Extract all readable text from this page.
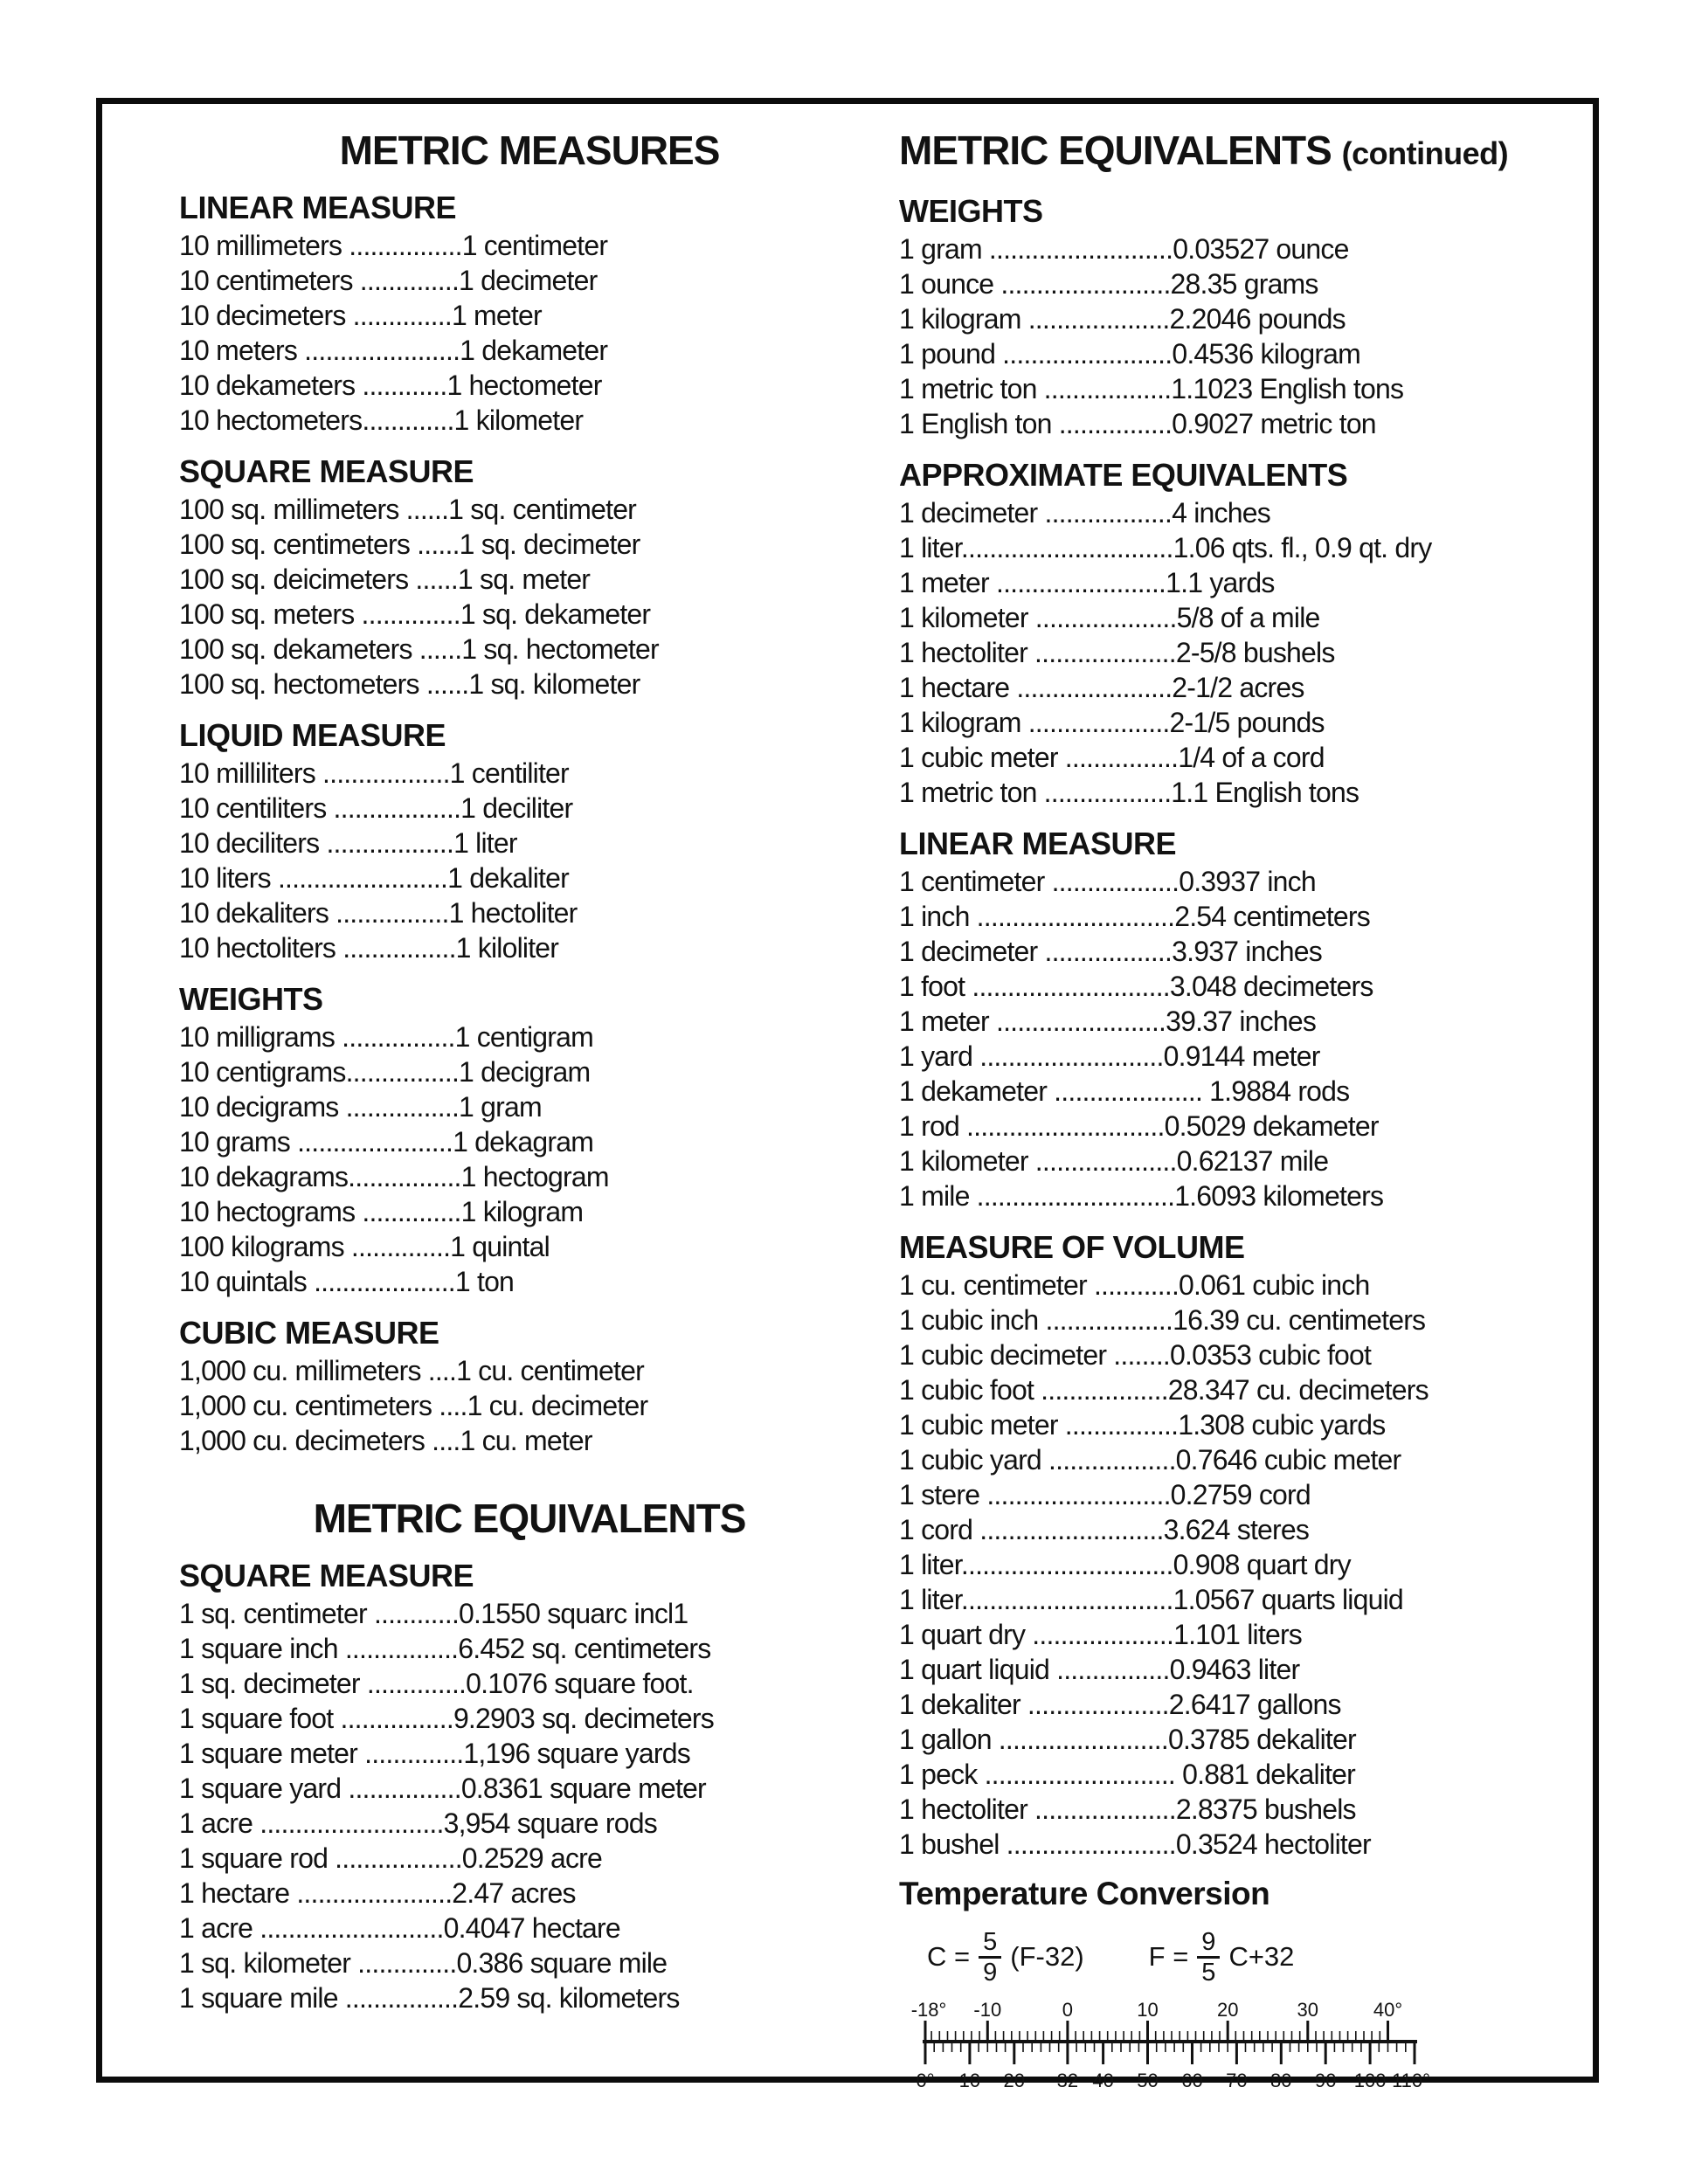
METRIC MEASURES
LINEAR MEASURE
10 millimeters ................1 centimeter
10 centimeters ..............1 decimeter
10 decimeters ..............1 meter
10 meters ......................1 dekameter
10 dekameters ............1 hectometer
10 hectometers.............1 kilometer
SQUARE MEASURE
100 sq. millimeters ......1 sq. centimeter
100 sq. centimeters ......1 sq. decimeter
100 sq. deicimeters ......1 sq. meter
100 sq. meters ..............1 sq. dekameter
100 sq. dekameters ......1 sq. hectometer
100 sq. hectometers ......1 sq. kilometer
LIQUID MEASURE
10 milliliters ..................1 centiliter
10 centiliters ..................1 deciliter
10 deciliters ..................1 liter
10 liters ........................1 dekaliter
10 dekaliters ................1 hectoliter
10 hectoliters ................1 kiloliter
WEIGHTS
10 milligrams ................1 centigram
10 centigrams................1 decigram
10 decigrams ................1 gram
10 grams ......................1 dekagram
10 dekagrams................1 hectogram
10 hectograms ..............1 kilogram
100 kilograms ..............1 quintal
10 quintals ....................1 ton
CUBIC MEASURE
1,000 cu. millimeters ....1 cu. centimeter
1,000 cu. centimeters ....1 cu. decimeter
1,000 cu. decimeters ....1 cu. meter
METRIC EQUIVALENTS
SQUARE MEASURE
1 sq. centimeter ............0.1550 squarc incl1
1 square inch ................6.452 sq. centimeters
1 sq. decimeter ..............0.1076 square foot.
1 square foot ................9.2903 sq. decimeters
1 square meter ..............1,196 square yards
1 square yard ................0.8361 square meter
1 acre ..........................3,954 square rods
1 square rod ..................0.2529 acre
1 hectare ......................2.47 acres
1 acre ..........................0.4047 hectare
1 sq. kilometer ..............0.386 square mile
1 square mile ................2.59 sq. kilometers
METRIC EQUIVALENTS (continued)
WEIGHTS
1 gram ..........................0.03527 ounce
1 ounce ........................28.35 grams
1 kilogram ....................2.2046 pounds
1 pound ........................0.4536 kilogram
1 metric ton ..................1.1023 English tons
1 English ton ................0.9027 metric ton
APPROXIMATE EQUIVALENTS
1 decimeter ..................4 inches
1 liter..............................1.06 qts. fl., 0.9 qt. dry
1 meter ........................1.1 yards
1 kilometer ....................5/8 of a mile
1 hectoliter ....................2-5/8 bushels
1 hectare ......................2-1/2 acres
1 kilogram ....................2-1/5 pounds
1 cubic meter ................1/4 of a cord
1 metric ton ..................1.1 English tons
LINEAR MEASURE
1 centimeter ..................0.3937 inch
1 inch ............................2.54 centimeters
1 decimeter ..................3.937 inches
1 foot ............................3.048 decimeters
1 meter ........................39.37 inches
1 yard ..........................0.9144 meter
1 dekameter ..................... 1.9884 rods
1 rod ............................0.5029 dekameter
1 kilometer ....................0.62137 mile
1 mile ............................1.6093 kilometers
MEASURE OF VOLUME
1 cu. centimeter ............0.061 cubic inch
1 cubic inch ..................16.39 cu. centimeters
1 cubic decimeter ........0.0353 cubic foot
1 cubic foot ..................28.347 cu. decimeters
1 cubic meter ................1.308 cubic yards
1 cubic yard ..................0.7646 cubic meter
1 stere ..........................0.2759 cord
1 cord ..........................3.624 steres
1 liter..............................0.908 quart dry
1 liter..............................1.0567 quarts liquid
1 quart dry ....................1.101 liters
1 quart liquid ................0.9463 liter
1 dekaliter ....................2.6417 gallons
1 gallon ........................0.3785 dekaliter
1 peck ........................... 0.881 dekaliter
1 hectoliter ....................2.8375 bushels
1 bushel ........................0.3524 hectoliter
Temperature Conversion
$C = \frac{5}{9} (F-32) F = \frac{9}{5} C+32$
-18° -10	0	10	20	30	40°
0° 10 20 32 40 50 60 70 80 90 100 110°
